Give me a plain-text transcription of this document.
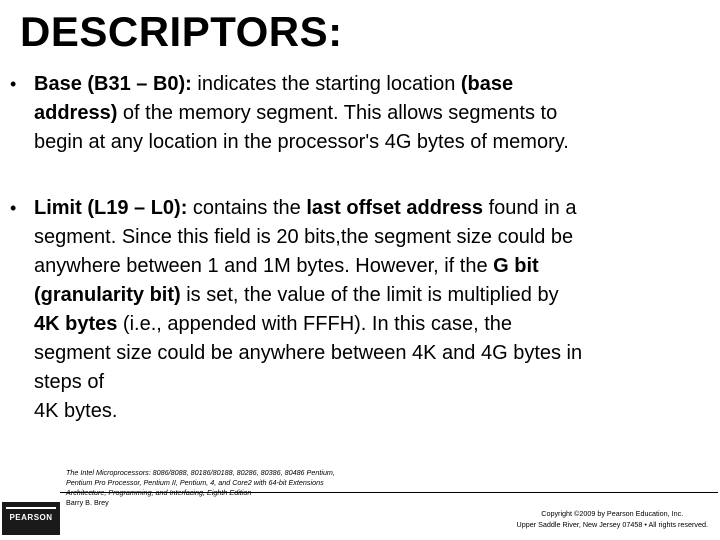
DESCRIPTORS:
• Base (B31 – B0): indicates the starting location (base
address) of the memory segment. This allows segments to
begin at any location in the processor's 4G bytes of memory.
• Limit (L19 – L0): contains the last offset address found in a
segment. Since this field is 20 bits,the segment size could be
anywhere between 1 and 1M bytes. However, if the G bit
(granularity bit) is set, the value of the limit is multiplied by
4K bytes (i.e., appended with FFFH). In this case, the
segment size could be anywhere between 4K and 4G bytes in
steps of
4K bytes.
PEARSON
The Intel Microprocessors: 8086/8088, 80186/80188, 80286, 80386, 80486 Pentium,
Pentium Pro Processor, Pentium II, Pentium, 4, and Core2 with 64-bit Extensions
Architecture, Programming, and Interfacing, Eighth Edition
Barry B. Brey
Copyright ©2009 by Pearson Education, Inc.
Upper Saddle River, New Jersey 07458 • All rights reserved.
